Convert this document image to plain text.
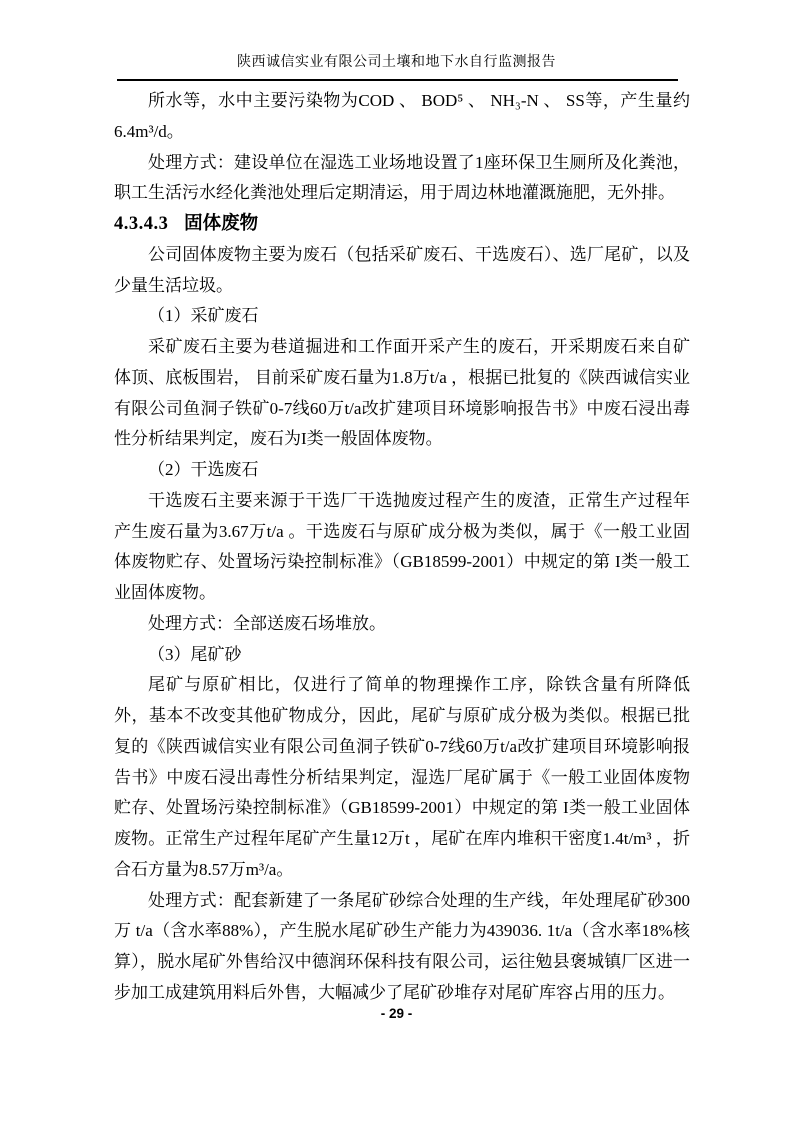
陕西诚信实业有限公司土壤和地下水自行监测报告

所水等，水中主要污染物为COD 、 BOD⁵ 、 NH₃-N 、 SS等，产生量约6.4m³/d。

处理方式：建设单位在湿选工业场地设置了1座环保卫生厕所及化粪池，职工生活污水经化粪池处理后定期清运，用于周边林地灌溉施肥，无外排。

4.3.4.3 固体废物

公司固体废物主要为废石（包括采矿废石、干选废石）、选厂尾矿，以及少量生活垃圾。

（1）采矿废石

采矿废石主要为巷道掘进和工作面开采产生的废石，开采期废石来自矿体顶、底板围岩， 目前采矿废石量为1.8万t/a ，根据已批复的《陕西诚信实业有限公司鱼洞子铁矿0-7线60万t/a改扩建项目环境影响报告书》中废石浸出毒性分析结果判定，废石为I类一般固体废物。

（2）干选废石

干选废石主要来源于干选厂干选抛废过程产生的废渣，正常生产过程年产生废石量为3.67万t/a 。干选废石与原矿成分极为类似，属于《一般工业固体废物贮存、处置场污染控制标准》（GB18599-2001）中规定的第 I类一般工业固体废物。

处理方式：全部送废石场堆放。

（3）尾矿砂

尾矿与原矿相比，仅进行了简单的物理操作工序，除铁含量有所降低外，基本不改变其他矿物成分，因此，尾矿与原矿成分极为类似。根据已批复的《陕西诚信实业有限公司鱼洞子铁矿0-7线60万t/a改扩建项目环境影响报告书》中废石浸出毒性分析结果判定，湿选厂尾矿属于《一般工业固体废物贮存、处置场污染控制标准》（GB18599-2001）中规定的第 I类一般工业固体废物。正常生产过程年尾矿产生量12万t ，尾矿在库内堆积干密度1.4t/m³ ，折合石方量为8.57万m³/a。

处理方式：配套新建了一条尾矿砂综合处理的生产线，年处理尾矿砂300万 t/a（含水率88%），产生脱水尾矿砂生产能力为439036. 1t/a（含水率18%核算），脱水尾矿外售给汉中德润环保科技有限公司，运往勉县褒城镇厂区进一步加工成建筑用料后外售，大幅减少了尾矿砂堆存对尾矿库容占用的压力。

- 29 -
